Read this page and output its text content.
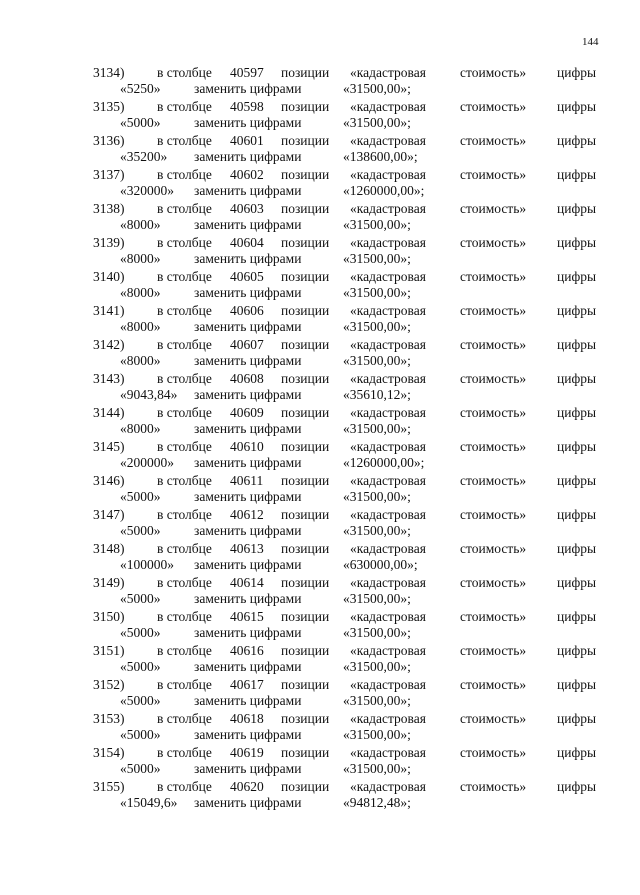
144
3134) в столбце 40597 позиции «кадастровая	стоимость» цифры
«5250» заменить цифрами	«31500,00»;
3135) в столбце 40598 позиции «кадастровая	стоимость» цифры
«5000» заменить цифрами	«31500,00»;
3136) в столбце 40601 позиции «кадастровая	стоимость» цифры
«35200» заменить цифрами	«138600,00»;
3137) в столбце 40602 позиции «кадастровая	стоимость» цифры
«320000» заменить цифрами	«1260000,00»;
3138) в столбце 40603 позиции «кадастровая	стоимость» цифры
«8000» заменить цифрами	«31500,00»;
3139) в столбце 40604 позиции «кадастровая	стоимость» цифры
«8000» заменить цифрами	«31500,00»;
3140) в столбце 40605 позиции «кадастровая	стоимость» цифры
«8000» заменить цифрами	«31500,00»;
3141) в столбце 40606 позиции «кадастровая	стоимость» цифры
«8000» заменить цифрами	«31500,00»;
3142) в столбце 40607 позиции «кадастровая	стоимость» цифры
«8000» заменить цифрами	«31500,00»;
3143) в столбце 40608 позиции «кадастровая	стоимость» цифры
«9043,84» заменить цифрами	«35610,12»;
3144) в столбце 40609 позиции «кадастровая	стоимость» цифры
«8000» заменить цифрами	«31500,00»;
3145) в столбце 40610 позиции «кадастровая	стоимость» цифры
«200000» заменить цифрами	«1260000,00»;
3146) в столбце 40611 позиции «кадастровая	стоимость» цифры
«5000» заменить цифрами	«31500,00»;
3147) в столбце 40612 позиции «кадастровая	стоимость» цифры
«5000» заменить цифрами	«31500,00»;
3148) в столбце 40613 позиции «кадастровая	стоимость» цифры
«100000» заменить цифрами	«630000,00»;
3149) в столбце 40614 позиции «кадастровая	стоимость» цифры
«5000» заменить цифрами	«31500,00»;
3150) в столбце 40615 позиции «кадастровая	стоимость» цифры
«5000» заменить цифрами	«31500,00»;
3151) в столбце 40616 позиции «кадастровая	стоимость» цифры
«5000» заменить цифрами	«31500,00»;
3152) в столбце 40617 позиции «кадастровая	стоимость» цифры
«5000» заменить цифрами	«31500,00»;
3153) в столбце 40618 позиции «кадастровая	стоимость» цифры
«5000» заменить цифрами	«31500,00»;
3154) в столбце 40619 позиции «кадастровая	стоимость» цифры
«5000» заменить цифрами	«31500,00»;
3155) в столбце 40620 позиции «кадастровая	стоимость» цифры
«15049,6» заменить цифрами	«94812,48»;
